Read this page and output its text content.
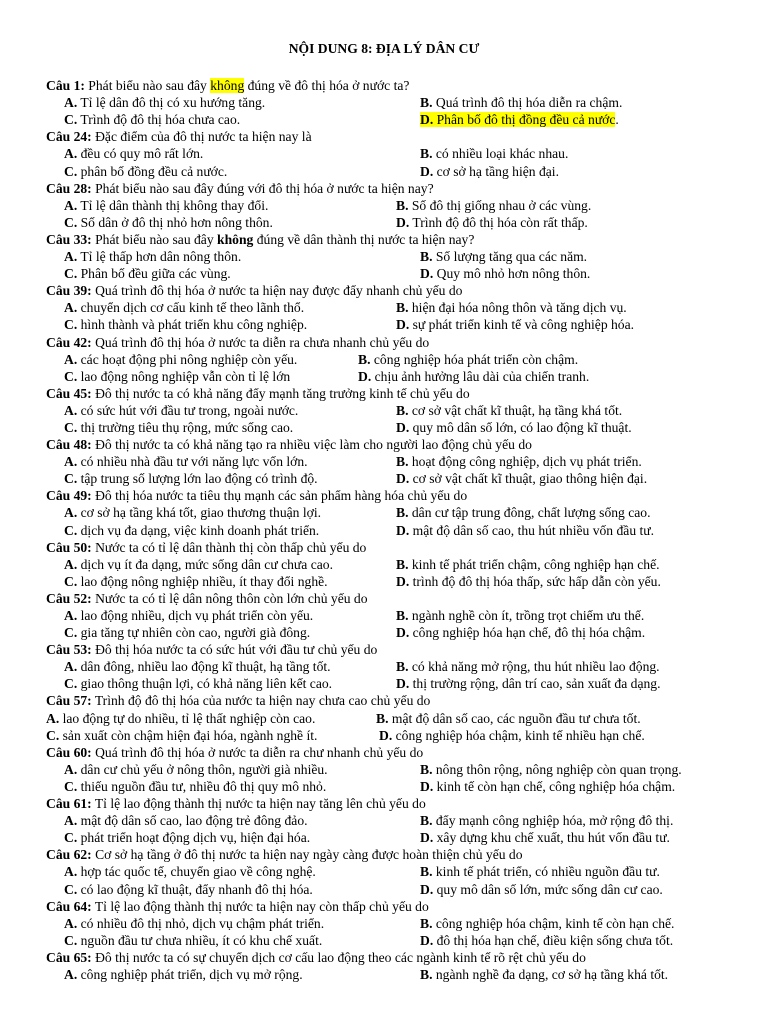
NỘI DUNG 8: ĐỊA LÝ DÂN CƯ
Câu 1: Phát biểu nào sau đây không đúng về đô thị hóa ở nước ta?
A. Tỉ lệ dân đô thị có xu hướng tăng.	B. Quá trình đô thị hóa diễn ra chậm.
C. Trình độ đô thị hóa chưa cao.	D. Phân bố đô thị đồng đều cả nước.
Câu 24: Đặc điểm của đô thị nước ta hiện nay là
A. đều có quy mô rất lớn.	B. có nhiều loại khác nhau.
C. phân bố đồng đều cả nước.	D. cơ sở hạ tầng hiện đại.
Câu 28: Phát biểu nào sau đây đúng với đô thị hóa ở nước ta hiện nay?
A. Tỉ lệ dân thành thị không thay đổi.	B. Số đô thị giống nhau ở các vùng.
C. Số dân ở đô thị nhỏ hơn nông thôn.	D. Trình độ đô thị hóa còn rất thấp.
Câu 33: Phát biểu nào sau đây không đúng về dân thành thị nước ta hiện nay?
A. Tỉ lệ thấp hơn dân nông thôn.	B. Số lượng tăng qua các năm.
C. Phân bố đều giữa các vùng.	D. Quy mô nhỏ hơn nông thôn.
Câu 39: Quá trình đô thị hóa ở nước ta hiện nay được đẩy nhanh chủ yếu do
A. chuyển dịch cơ cấu kinh tế theo lãnh thổ.	B. hiện đại hóa nông thôn và tăng dịch vụ.
C. hình thành và phát triển khu công nghiệp.	D. sự phát triển kinh tế và công nghiệp hóa.
Câu 42: Quá trình đô thị hóa ở nước ta diễn ra chưa nhanh chủ yếu do
A. các hoạt động phi nông nghiệp còn yếu.	B. công nghiệp hóa phát triển còn chậm.
C. lao động nông nghiệp vẫn còn tỉ lệ lớn	D. chịu ảnh hưởng lâu dài của chiến tranh.
Câu 45: Đô thị nước ta có khả năng đẩy mạnh tăng trưởng kinh tế chủ yếu do
A. có sức hút với đầu tư trong, ngoài nước.	B. cơ sở vật chất kĩ thuật, hạ tầng khá tốt.
C. thị trường tiêu thụ rộng, mức sống cao.	D. quy mô dân số lớn, có lao động kĩ thuật.
Câu 48: Đô thị nước ta có khả năng tạo ra nhiều việc làm cho người lao động chủ yếu do
A. có nhiều nhà đầu tư với năng lực vốn lớn.	B. hoạt động công nghiệp, dịch vụ phát triển.
C. tập trung số lượng lớn lao động có trình độ.	D. cơ sở vật chất kĩ thuật, giao thông hiện đại.
Câu 49: Đô thị hóa nước ta tiêu thụ mạnh các sản phẩm hàng hóa chủ yếu do
A. cơ sở hạ tầng khá tốt, giao thương thuận lợi.	B. dân cư tập trung đông, chất lượng sống cao.
C. dịch vụ đa dạng, việc kinh doanh phát triển.	D. mật độ dân số cao, thu hút nhiều vốn đầu tư.
Câu 50: Nước ta có tỉ lệ dân thành thị còn thấp chủ yếu do
A. dịch vụ ít đa dạng, mức sống dân cư chưa cao.	B. kinh tế phát triển chậm, công nghiệp hạn chế.
C. lao động nông nghiệp nhiều, ít thay đổi nghề.	D. trình độ đô thị hóa thấp, sức hấp dẫn còn yếu.
Câu 52: Nước ta có tỉ lệ dân nông thôn còn lớn chủ yếu do
A. lao động nhiều, dịch vụ phát triển còn yếu.	B. ngành nghề còn ít, trồng trọt chiếm ưu thế.
C. gia tăng tự nhiên còn cao, người già đông.	D. công nghiệp hóa hạn chế, đô thị hóa chậm.
Câu 53: Đô thị hóa nước ta có sức hút với đầu tư chủ yếu do
A. dân đông, nhiều lao động kĩ thuật, hạ tầng tốt.	B. có khả năng mở rộng, thu hút nhiều lao động.
C. giao thông thuận lợi, có khả năng liên kết cao.	D. thị trường rộng, dân trí cao, sản xuất đa dạng.
Câu 57: Trình độ đô thị hóa của nước ta hiện nay chưa cao chủ yếu do
A. lao động tự do nhiều, tỉ lệ thất nghiệp còn cao.	B. mật độ dân số cao, các nguồn đầu tư chưa tốt.
C. sản xuất còn chậm hiện đại hóa, ngành nghề ít.	D. công nghiệp hóa chậm, kinh tế nhiều hạn chế.
Câu 60: Quá trình đô thị hóa ở nước ta diễn ra chư nhanh chủ yếu do
A. dân cư chủ yếu ở nông thôn, người già nhiều.	B. nông thôn rộng, nông nghiệp còn quan trọng.
C. thiếu nguồn đầu tư, nhiều đô thị quy mô nhỏ.	D. kinh tế còn hạn chế, công nghiệp hóa chậm.
Câu 61: Tỉ lệ lao động thành thị nước ta hiện nay tăng lên chủ yếu do
A. mật độ dân số cao, lao động trẻ đông đảo.	B. đẩy mạnh công nghiệp hóa, mở rộng đô thị.
C. phát triển hoạt động dịch vụ, hiện đại hóa.	D. xây dựng khu chế xuất, thu hút vốn đầu tư.
Câu 62: Cơ sở hạ tầng ở đô thị nước ta hiện nay ngày càng được hoàn thiện chủ yếu do
A. hợp tác quốc tế, chuyển giao về công nghệ.	B. kinh tế phát triển, có nhiều nguồn đầu tư.
C. có lao động kĩ thuật, đẩy nhanh đô thị hóa.	D. quy mô dân số lớn, mức sống dân cư cao.
Câu 64: Tỉ lệ lao động thành thị nước ta hiện nay còn thấp chủ yếu do
A. có nhiều đô thị nhỏ, dịch vụ chậm phát triển.	B. công nghiệp hóa chậm, kinh tế còn hạn chế.
C. nguồn đầu tư chưa nhiều, ít có khu chế xuất.	D. đô thị hóa hạn chế, điều kiện sống chưa tốt.
Câu 65: Đô thị nước ta có sự chuyển dịch cơ cấu lao động theo các ngành kinh tế rõ rệt chủ yếu do
A. công nghiệp phát triển, dịch vụ mở rộng.	B. ngành nghề đa dạng, cơ sở hạ tầng khá tốt.
